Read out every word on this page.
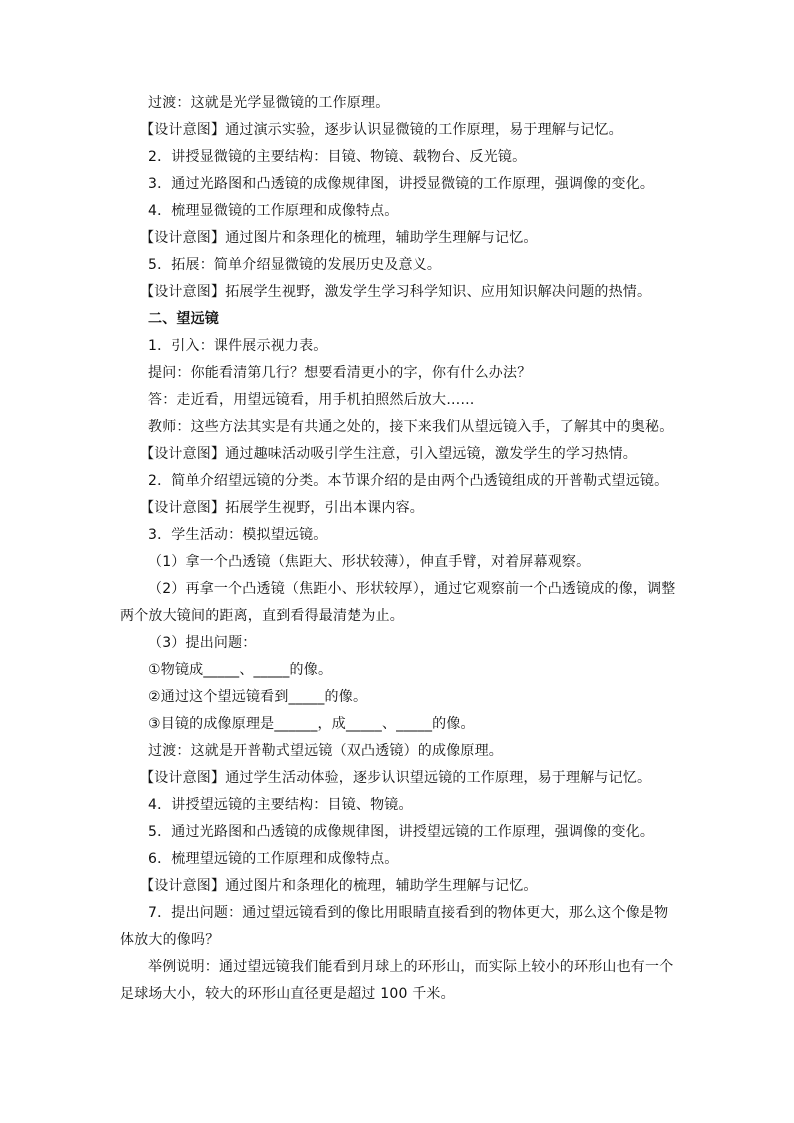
过渡：这就是光学显微镜的工作原理。

【设计意图】通过演示实验，逐步认识显微镜的工作原理，易于理解与记忆。

2．讲授显微镜的主要结构：目镜、物镜、载物台、反光镜。

3．通过光路图和凸透镜的成像规律图，讲授显微镜的工作原理，强调像的变化。

4．梳理显微镜的工作原理和成像特点。

【设计意图】通过图片和条理化的梳理，辅助学生理解与记忆。

5．拓展：简单介绍显微镜的发展历史及意义。

【设计意图】拓展学生视野，激发学生学习科学知识、应用知识解决问题的热情。

二、望远镜

1．引入：课件展示视力表。

提问：你能看清第几行？想要看清更小的字，你有什么办法？

答：走近看，用望远镜看，用手机拍照然后放大……

教师：这些方法其实是有共通之处的，接下来我们从望远镜入手，了解其中的奥秘。

【设计意图】通过趣味活动吸引学生注意，引入望远镜，激发学生的学习热情。

2．简单介绍望远镜的分类。本节课介绍的是由两个凸透镜组成的开普勒式望远镜。

【设计意图】拓展学生视野，引出本课内容。

3．学生活动：模拟望远镜。

（1）拿一个凸透镜（焦距大、形状较薄），伸直手臂，对着屏幕观察。

（2）再拿一个凸透镜（焦距小、形状较厚），通过它观察前一个凸透镜成的像，调整两个放大镜间的距离，直到看得最清楚为止。

（3）提出问题：

①物镜成_____、_____的像。

②通过这个望远镜看到_____的像。

③目镜的成像原理是______，成_____、_____的像。

过渡：这就是开普勒式望远镜（双凸透镜）的成像原理。

【设计意图】通过学生活动体验，逐步认识望远镜的工作原理，易于理解与记忆。

4．讲授望远镜的主要结构：目镜、物镜。

5．通过光路图和凸透镜的成像规律图，讲授望远镜的工作原理，强调像的变化。

6．梳理望远镜的工作原理和成像特点。

【设计意图】通过图片和条理化的梳理，辅助学生理解与记忆。

7．提出问题：通过望远镜看到的像比用眼睛直接看到的物体更大，那么这个像是物体放大的像吗？

举例说明：通过望远镜我们能看到月球上的环形山，而实际上较小的环形山也有一个足球场大小，较大的环形山直径更是超过 100 千米。
